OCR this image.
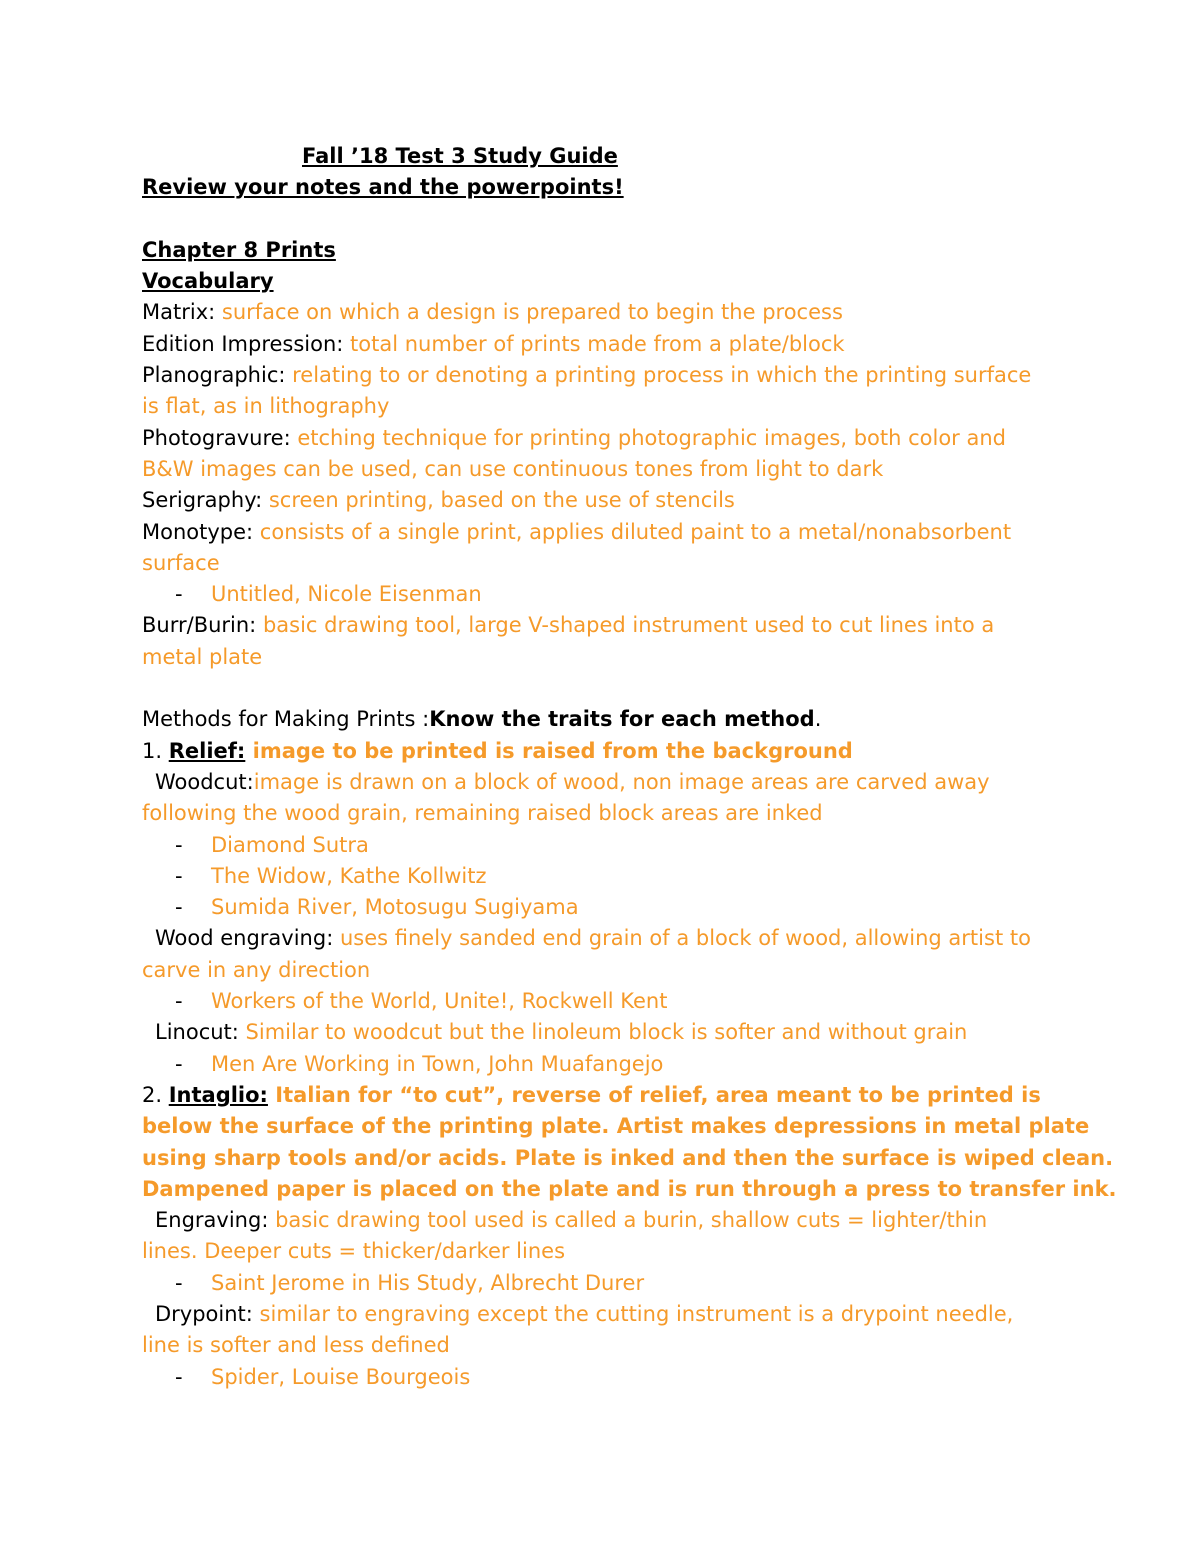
Fall ’18 Test 3 Study Guide
Review your notes and the powerpoints!
Chapter 8 Prints
Vocabulary
Matrix: surface on which a design is prepared to begin the process
Edition Impression: total number of prints made from a plate/block
Planographic: relating to or denoting a printing process in which the printing surface
is flat, as in lithography
Photogravure: etching technique for printing photographic images, both color and
B&W images can be used, can use continuous tones from light to dark
Serigraphy: screen printing, based on the use of stencils
Monotype: consists of a single print, applies diluted paint to a metal/nonabsorbent
surface
- Untitled, Nicole Eisenman
Burr/Burin: basic drawing tool, large V-shaped instrument used to cut lines into a
metal plate
Methods for Making Prints :Know the traits for each method.
1. Relief: image to be printed is raised from the background
Woodcut:image is drawn on a block of wood, non image areas are carved away
following the wood grain, remaining raised block areas are inked
- Diamond Sutra
- The Widow, Kathe Kollwitz
- Sumida River, Motosugu Sugiyama
Wood engraving: uses finely sanded end grain of a block of wood, allowing artist to
carve in any direction
- Workers of the World, Unite!, Rockwell Kent
Linocut: Similar to woodcut but the linoleum block is softer and without grain
- Men Are Working in Town, John Muafangejo
2. Intaglio: Italian for “to cut”, reverse of relief, area meant to be printed is
below the surface of the printing plate. Artist makes depressions in metal plate
using sharp tools and/or acids. Plate is inked and then the surface is wiped clean.
Dampened paper is placed on the plate and is run through a press to transfer ink.
Engraving: basic drawing tool used is called a burin, shallow cuts = lighter/thin
lines. Deeper cuts = thicker/darker lines
- Saint Jerome in His Study, Albrecht Durer
Drypoint: similar to engraving except the cutting instrument is a drypoint needle,
line is softer and less defined
- Spider, Louise Bourgeois
